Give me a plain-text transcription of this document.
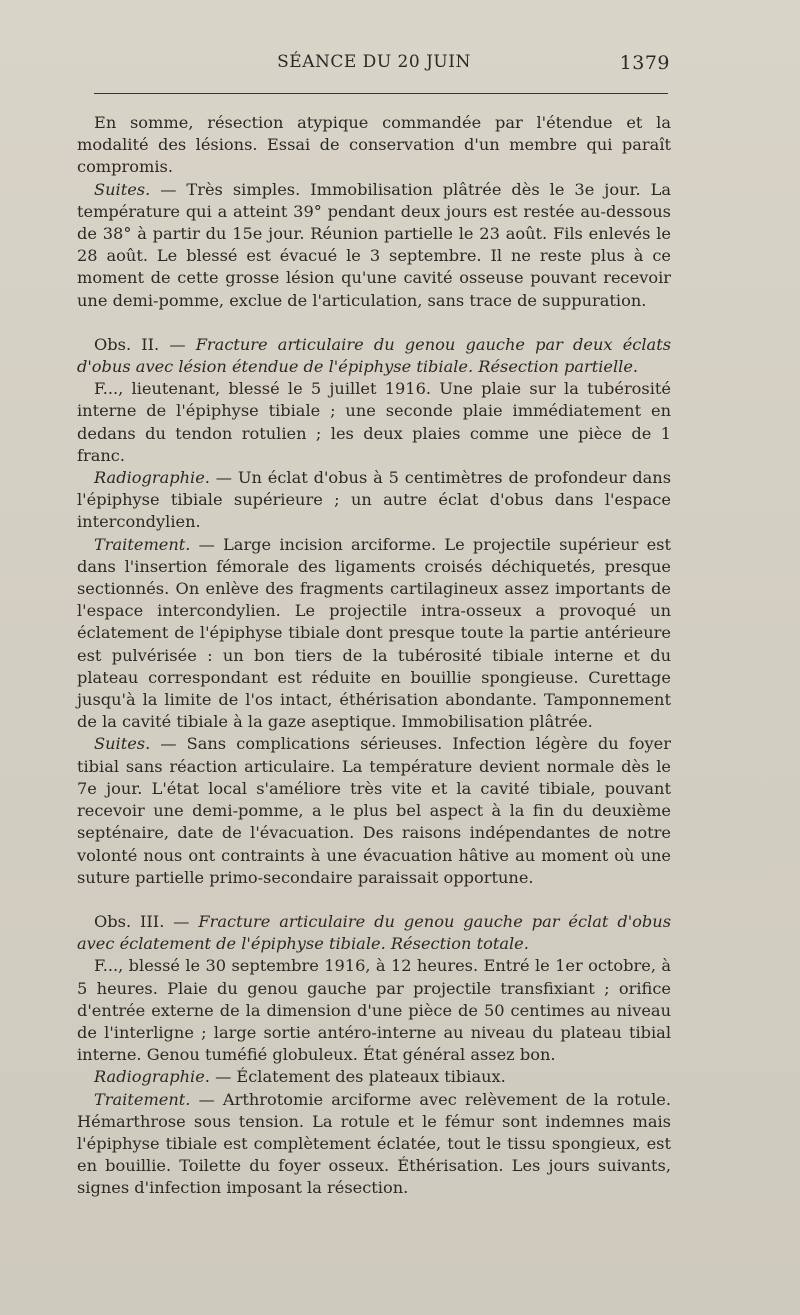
SÉANCE DU 20 JUIN	1379

En somme, résection atypique commandée par l'étendue et la modalité des lésions. Essai de conservation d'un membre qui paraît compromis.

Suites. — Très simples. Immobilisation plâtrée dès le 3e jour. La température qui a atteint 39° pendant deux jours est restée au-dessous de 38° à partir du 15e jour. Réunion partielle le 23 août. Fils enlevés le 28 août. Le blessé est évacué le 3 septembre. Il ne reste plus à ce moment de cette grosse lésion qu'une cavité osseuse pouvant recevoir une demi-pomme, exclue de l'articulation, sans trace de suppuration.

Obs. II. — Fracture articulaire du genou gauche par deux éclats d'obus avec lésion étendue de l'épiphyse tibiale. Résection partielle.

F..., lieutenant, blessé le 5 juillet 1916. Une plaie sur la tubérosité interne de l'épiphyse tibiale ; une seconde plaie immédiatement en dedans du tendon rotulien ; les deux plaies comme une pièce de 1 franc.

Radiographie. — Un éclat d'obus à 5 centimètres de profondeur dans l'épiphyse tibiale supérieure ; un autre éclat d'obus dans l'espace intercondylien.

Traitement. — Large incision arciforme. Le projectile supérieur est dans l'insertion fémorale des ligaments croisés déchiquetés, presque sectionnés. On enlève des fragments cartilagineux assez importants de l'espace intercondylien. Le projectile intra-osseux a provoqué un éclatement de l'épiphyse tibiale dont presque toute la partie antérieure est pulvérisée : un bon tiers de la tubérosité tibiale interne et du plateau correspondant est réduite en bouillie spongieuse. Curettage jusqu'à la limite de l'os intact, éthérisation abondante. Tamponnement de la cavité tibiale à la gaze aseptique. Immobilisation plâtrée.

Suites. — Sans complications sérieuses. Infection légère du foyer tibial sans réaction articulaire. La température devient normale dès le 7e jour. L'état local s'améliore très vite et la cavité tibiale, pouvant recevoir une demi-pomme, a le plus bel aspect à la fin du deuxième septénaire, date de l'évacuation. Des raisons indépendantes de notre volonté nous ont contraints à une évacuation hâtive au moment où une suture partielle primo-secondaire paraissait opportune.

Obs. III. — Fracture articulaire du genou gauche par éclat d'obus avec éclatement de l'épiphyse tibiale. Résection totale.

F..., blessé le 30 septembre 1916, à 12 heures. Entré le 1er octobre, à 5 heures. Plaie du genou gauche par projectile transfixiant ; orifice d'entrée externe de la dimension d'une pièce de 50 centimes au niveau de l'interligne ; large sortie antéro-interne au niveau du plateau tibial interne. Genou tuméfié globuleux. État général assez bon.

Radiographie. — Éclatement des plateaux tibiaux.

Traitement. — Arthrotomie arciforme avec relèvement de la rotule. Hémarthrose sous tension. La rotule et le fémur sont indemnes mais l'épiphyse tibiale est complètement éclatée, tout le tissu spongieux, est en bouillie. Toilette du foyer osseux. Éthérisation. Les jours suivants, signes d'infection imposant la résection.
